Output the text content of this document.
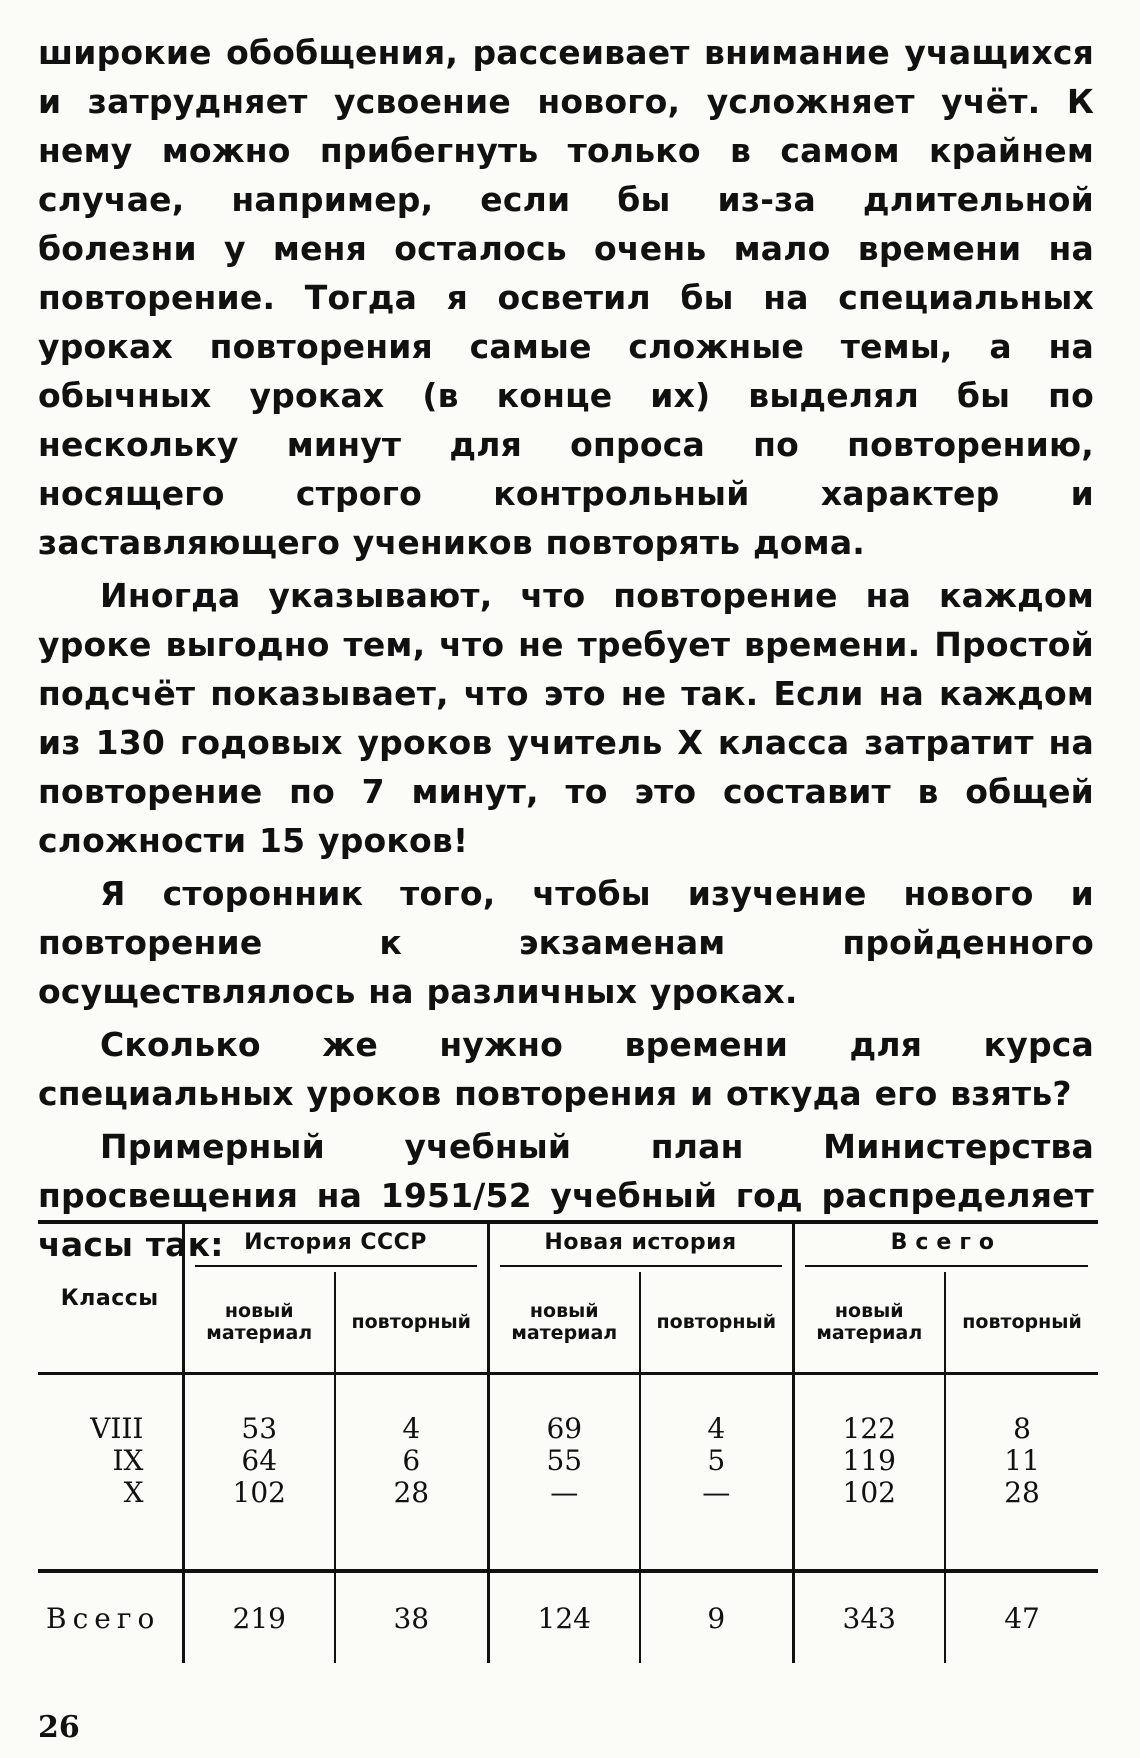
широкие обобщения, рассеивает внимание учащихся и затрудняет усвоение нового, усложняет учёт. К нему можно прибегнуть только в самом крайнем случае, например, если бы из-за длительной болезни у меня осталось очень мало времени на повторение. Тогда я осветил бы на специальных уроках повторения самые сложные темы, а на обычных уроках (в конце их) выделял бы по нескольку минут для опроса по повторению, носящего строго контрольный характер и заставляющего учеников повторять дома.

Иногда указывают, что повторение на каждом уроке выгодно тем, что не требует времени. Простой подсчёт показывает, что это не так. Если на каждом из 130 годовых уроков учитель X класса затратит на повторение по 7 минут, то это составит в общей сложности 15 уроков!

Я сторонник того, чтобы изучение нового и повторение к экзаменам пройденного осуществлялось на различных уроках.

Сколько же нужно времени для курса специальных уроков повторения и откуда его взять?

Примерный учебный план Министерства просвещения на 1951/52 учебный год распределяет часы так:

Классы	История СССР		Новая история		Всего	

	новый материал	повторный	новый материал	повторный	новый материал	повторный
VIII	53	4	69	4	122	8
IX	64	6	55	5	119	11
X	102	28	—	—	102	28
Всего	219	38	124	9	343	47
26
